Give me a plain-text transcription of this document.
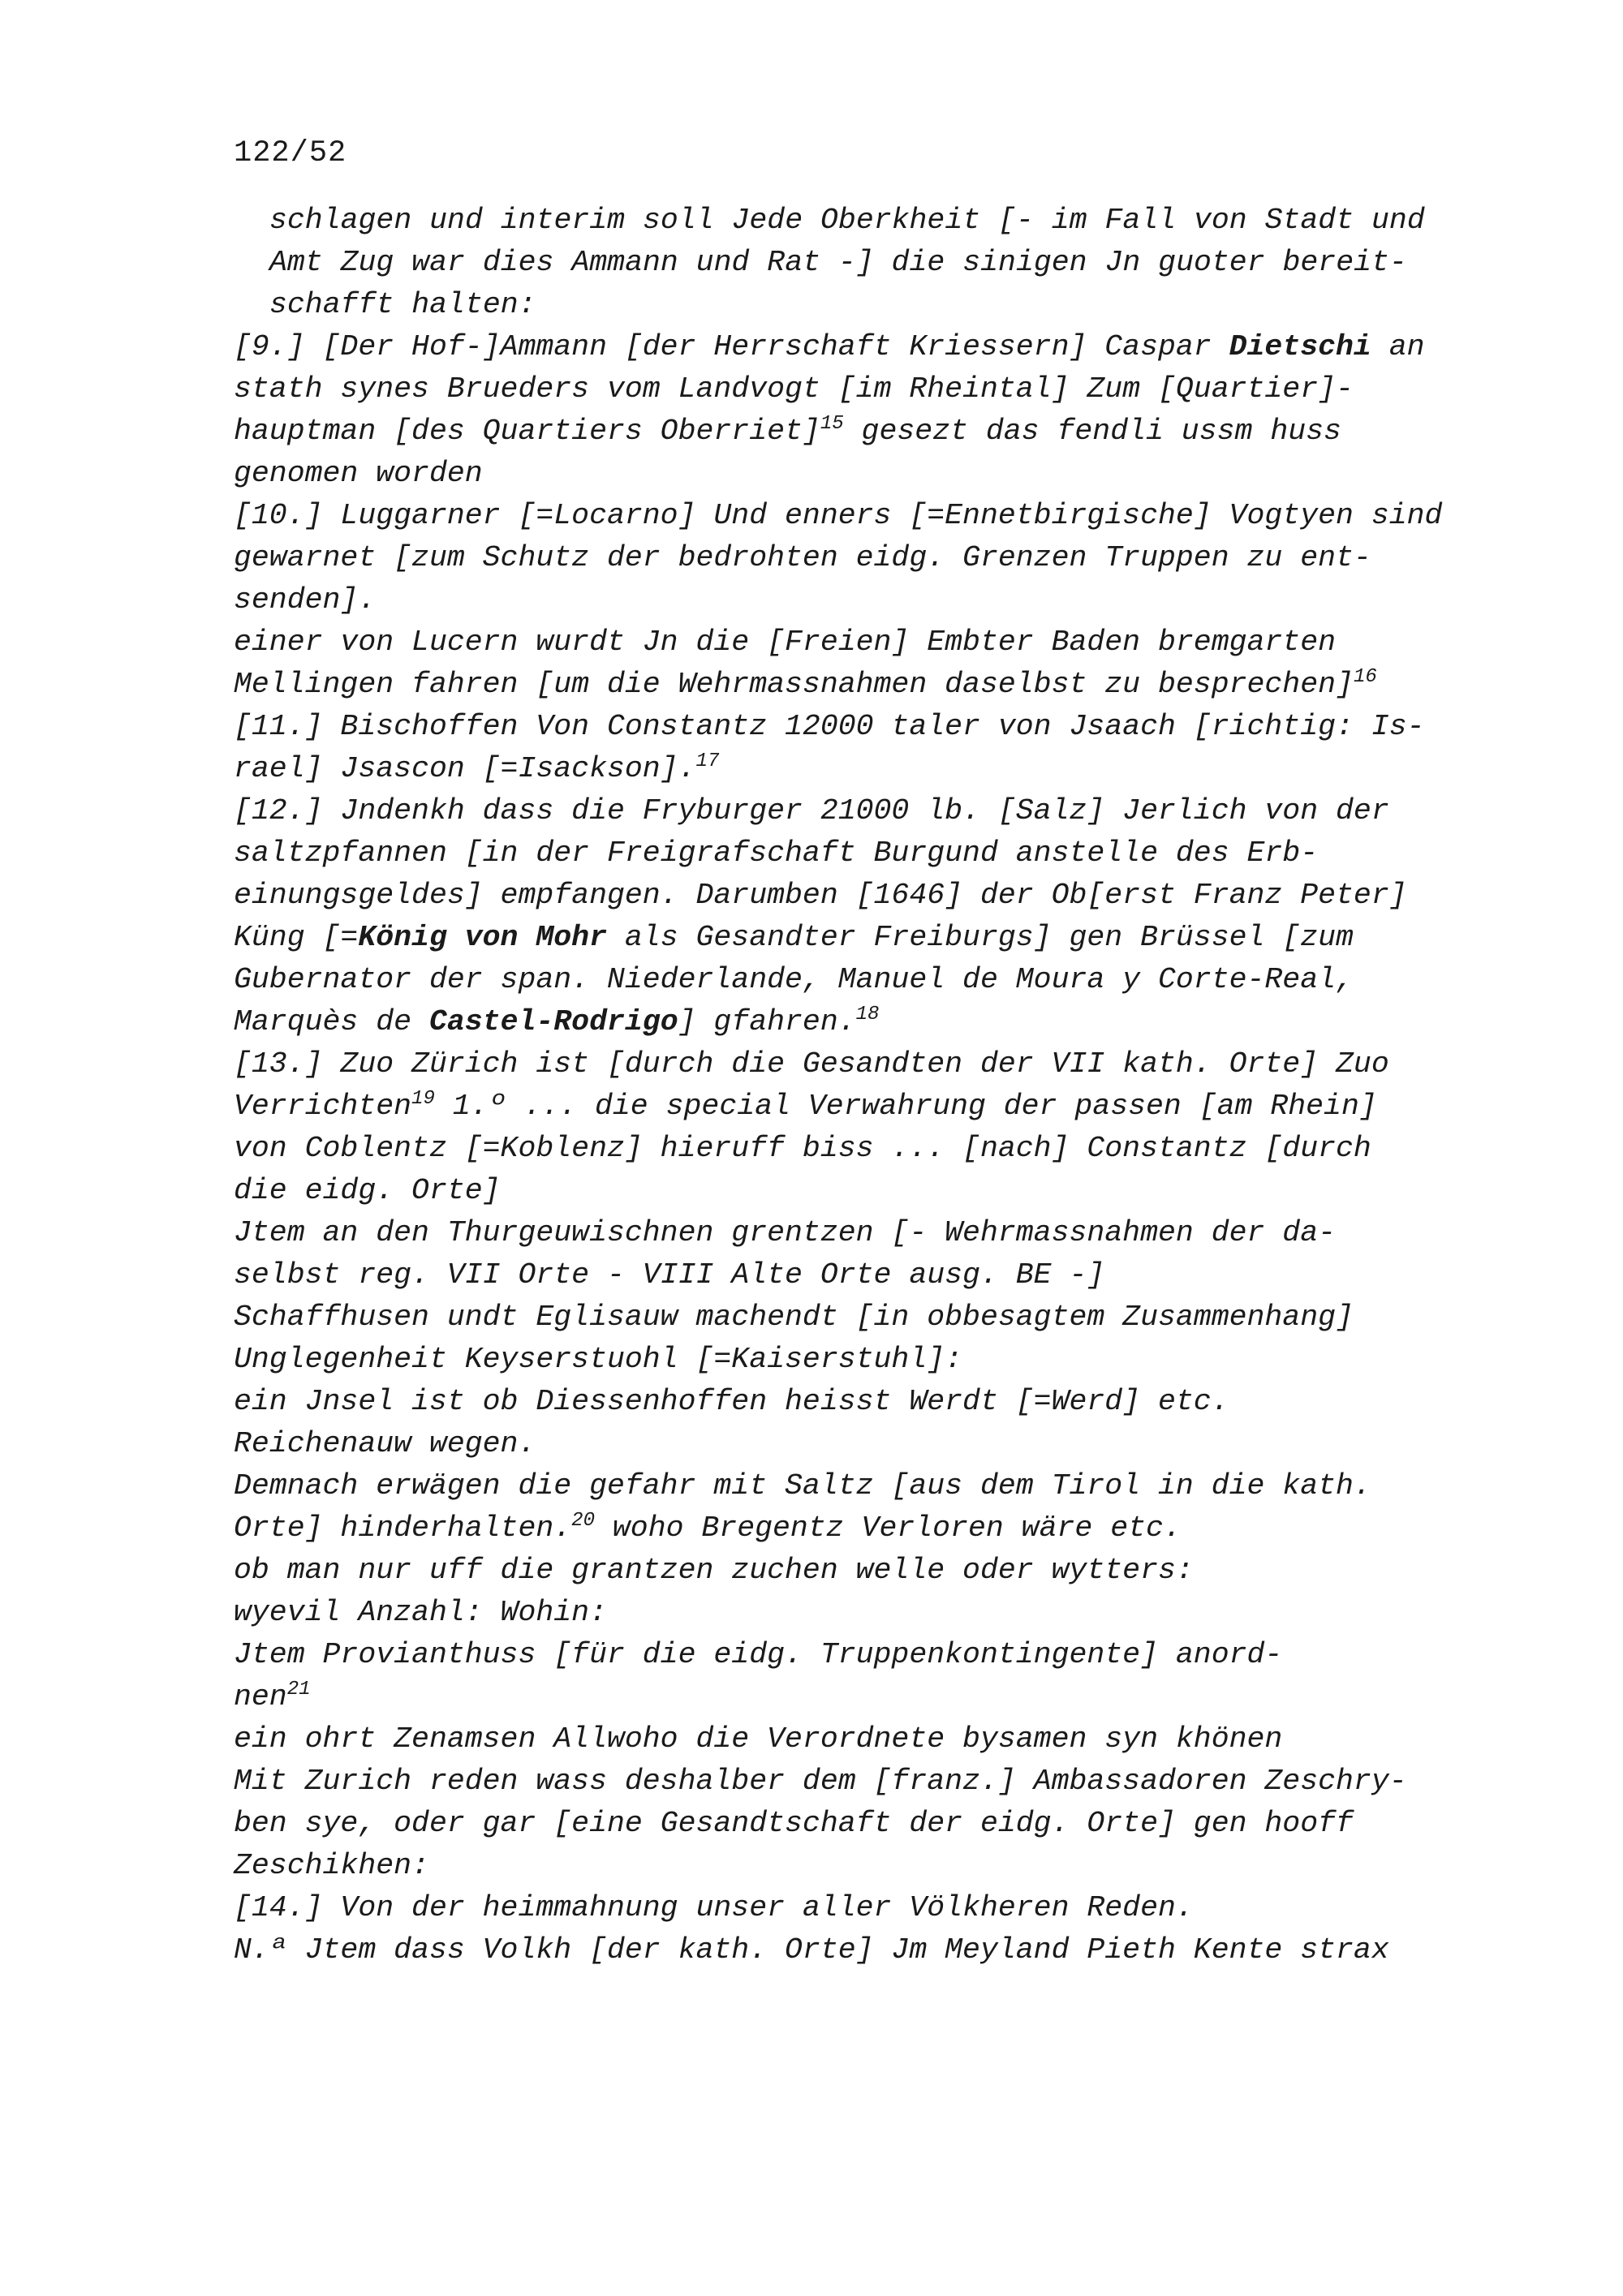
122/52
schlagen und interim soll Jede Oberkheit [- im Fall von Stadt und
Amt Zug war dies Ammann und Rat -] die sinigen Jn guoter bereit-
schafft halten:
[9.] [Der Hof-]Ammann [der Herrschaft Kriessern] Caspar Dietschi an
stath synes Brueders vom Landvogt [im Rheintal] Zum [Quartier]-
hauptman [des Quartiers Oberriet]$^{15}$ gesezt das fendli ussm huss
genomen worden
[10.] Luggarner [=Locarno] Und enners [=Ennetbirgische] Vogtyen sind
gewarnet [zum Schutz der bedrohten eidg. Grenzen Truppen zu ent-
senden].
einer von Lucern wurdt Jn die [Freien] Embter Baden bremgarten
Mellingen fahren [um die Wehrmassnahmen daselbst zu besprechen]$^{16}$
[11.] Bischoffen Von Constantz 12000 taler von Jsaach [richtig: Is-
rael] Jsascon [=Isackson].$^{17}$
[12.] Jndenkh dass die Fryburger 21000 lb. [Salz] Jerlich von der
saltzpfannen [in der Freigrafschaft Burgund anstelle des Erb-
einungsgeldes] empfangen. Darumben [1646] der Ob[erst Franz Peter]
Küng [=König von Mohr als Gesandter Freiburgs] gen Brüssel [zum
Gubernator der span. Niederlande, Manuel de Moura y Corte-Real,
Marquès de Castel-Rodrigo] gfahren.$^{18}$
[13.] Zuo Zürich ist [durch die Gesandten der VII kath. Orte] Zuo
Verrichten$^{19}$ 1.º ... die special Verwahrung der passen [am Rhein]
von Coblentz [=Koblenz] hieruff biss ... [nach] Constantz [durch
die eidg. Orte]
Jtem an den Thurgeuwischnen grentzen [- Wehrmassnahmen der da-
selbst reg. VII Orte - VIII Alte Orte ausg. BE -]
Schaffhusen undt Eglisauw machendt [in obbesagtem Zusammenhang]
Unglegenheit Keyserstuohl [=Kaiserstuhl]:
ein Jnsel ist ob Diessenhoffen heisst Werdt [=Werd] etc.
Reichenauw wegen.
Demnach erwägen die gefahr mit Saltz [aus dem Tirol in die kath.
Orte] hinderhalten.$^{20}$ woho Bregentz Verloren wäre etc.
ob man nur uff die grantzen zuchen welle oder wytters:
wyevil Anzahl: Wohin:
Jtem Provianthuss [für die eidg. Truppenkontingente] anord-
nen$^{21}$
ein ohrt Zenamsen Allwoho die Verordnete bysamen syn khönen
Mit Zurich reden wass deshalber dem [franz.] Ambassadoren Zeschry-
ben sye, oder gar [eine Gesandtschaft der eidg. Orte] gen hooff
Zeschikhen:
[14.] Von der heimmahnung unser aller Völkheren Reden.
N.ª Jtem dass Volkh [der kath. Orte] Jm Meyland Pieth Kente strax
